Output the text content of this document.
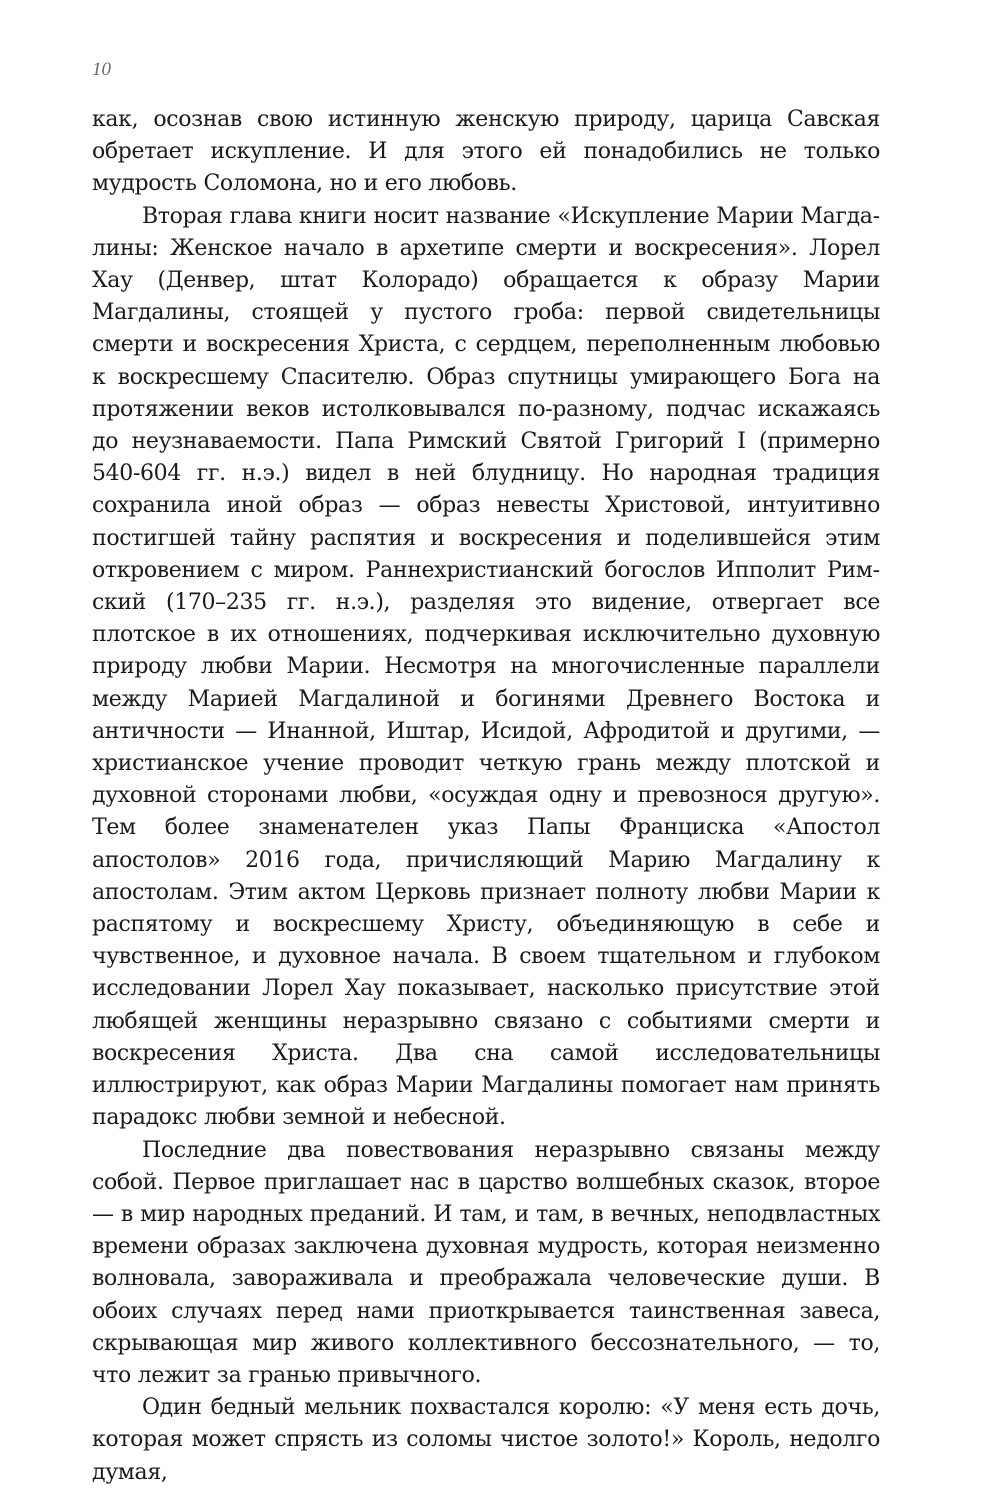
10

как, осознав свою истинную женскую природу, царица Савская обретает искупление. И для этого ей понадобились не только мудрость Соломона, но и его любовь.

Вторая глава книги носит название «Искупление Марии Магдалины: Женское начало в архетипе смерти и воскресения». Лорел Хау (Денвер, штат Колорадо) обращается к образу Марии Магдалины, стоящей у пустого гроба: первой свидетельницы смерти и воскресения Христа, с сердцем, переполненным любовью к воскресшему Спасителю. Образ спутницы умирающего Бога на протяжении веков истолковывался по-разному, подчас искажаясь до неузнаваемости. Папа Римский Святой Григорий I (примерно 540-604 гг. н.э.) видел в ней блудницу. Но народная традиция сохранила иной образ — образ невесты Христовой, интуитивно постигшей тайну распятия и воскресения и поделившейся этим откровением с миром. Раннехристианский богослов Ипполит Римский (170–235 гг. н.э.), разделяя это видение, отвергает все плотское в их отношениях, подчеркивая исключительно духовную природу любви Марии. Несмотря на многочисленные параллели между Марией Магдалиной и богинями Древнего Востока и античности — Инанной, Иштар, Исидой, Афродитой и другими, — христианское учение проводит четкую грань между плотской и духовной сторонами любви, «осуждая одну и превознося другую». Тем более знаменателен указ Папы Франциска «Апостол апостолов» 2016 года, причисляющий Марию Магдалину к апостолам. Этим актом Церковь признает полноту любви Марии к распятому и воскресшему Христу, объединяющую в себе и чувственное, и духовное начала. В своем тщательном и глубоком исследовании Лорел Хау показывает, насколько присутствие этой любящей женщины неразрывно связано с событиями смерти и воскресения Христа. Два сна самой исследовательницы иллюстрируют, как образ Марии Магдалины помогает нам принять парадокс любви земной и небесной.

Последние два повествования неразрывно связаны между собой. Первое приглашает нас в царство волшебных сказок, второе — в мир народных преданий. И там, и там, в вечных, неподвластных времени образах заключена духовная мудрость, которая неизменно волновала, завораживала и преображала человеческие души. В обоих случаях перед нами приоткрывается таинственная завеса, скрывающая мир живого коллективного бессознательного, — то, что лежит за гранью привычного.

Один бедный мельник похвастался королю: «У меня есть дочь, которая может спрясть из соломы чистое золото!» Король, недолго думая,
